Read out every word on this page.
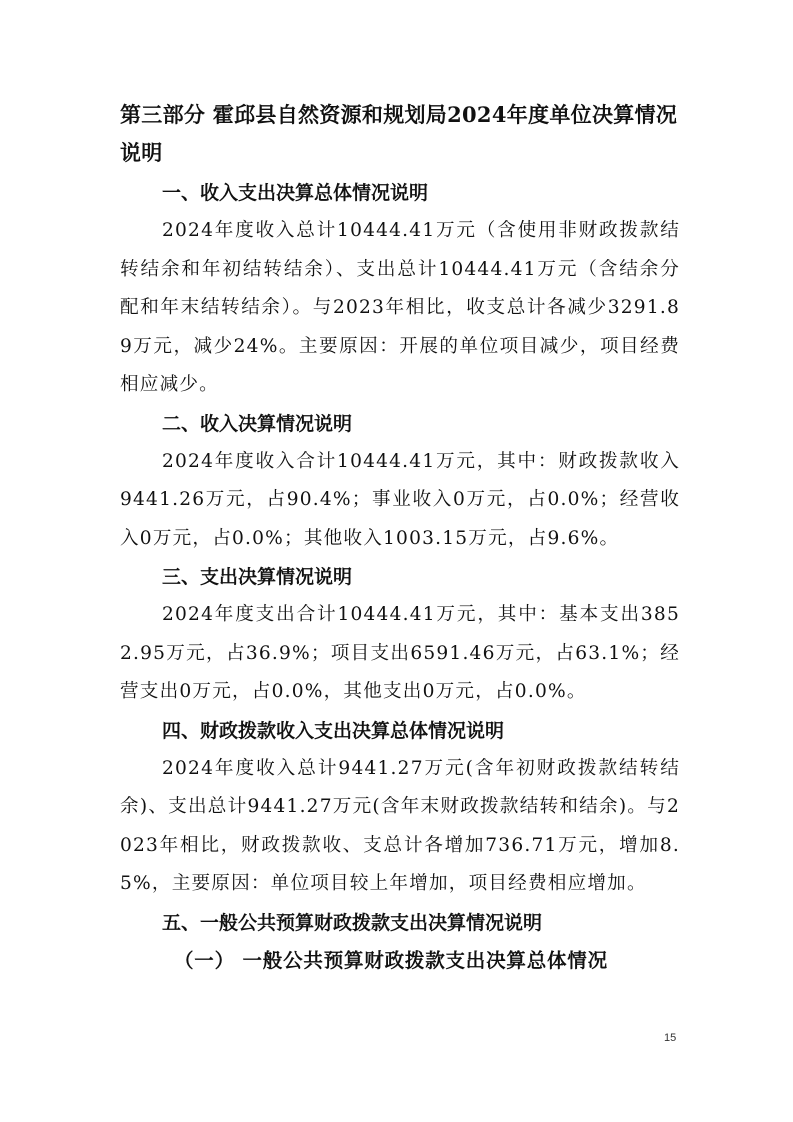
第三部分 霍邱县自然资源和规划局2024年度单位决算情况说明

一、收入支出决算总体情况说明

2024年度收入总计10444.41万元（含使用非财政拨款结转结余和年初结转结余）、支出总计10444.41万元（含结余分配和年末结转结余）。与2023年相比，收支总计各减少3291.89万元，减少24%。主要原因：开展的单位项目减少，项目经费相应减少。

二、收入决算情况说明

2024年度收入合计10444.41万元，其中：财政拨款收入9441.26万元，占90.4%；事业收入0万元，占0.0%；经营收入0万元，占0.0%；其他收入1003.15万元，占9.6%。

三、支出决算情况说明

2024年度支出合计10444.41万元，其中：基本支出3852.95万元，占36.9%；项目支出6591.46万元，占63.1%；经营支出0万元，占0.0%，其他支出0万元，占0.0%。

四、财政拨款收入支出决算总体情况说明

2024年度收入总计9441.27万元(含年初财政拨款结转结余)、支出总计9441.27万元(含年末财政拨款结转和结余)。与2023年相比，财政拨款收、支总计各增加736.71万元，增加8.5%，主要原因：单位项目较上年增加，项目经费相应增加。

五、一般公共预算财政拨款支出决算情况说明

（一） 一般公共预算财政拨款支出决算总体情况

15
